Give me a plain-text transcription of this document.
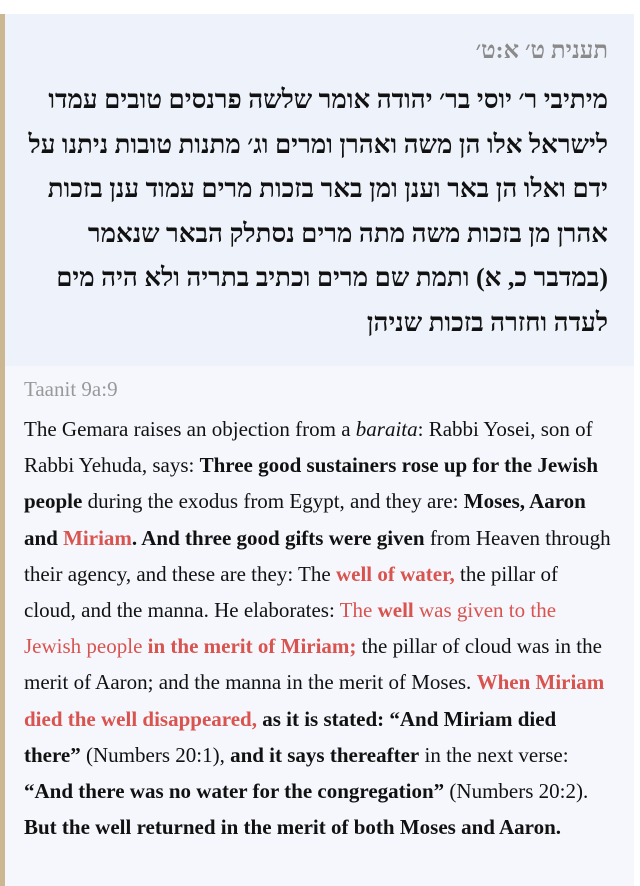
תענית ט׳ א:ט׳
מיתיבי ר׳ יוסי בר׳ יהודה אומר שלשה פרנסים טובים עמדו
לישראל אלו הן משה ואהרן ומרים וג׳ מתנות טובות ניתנו על
ידם ואלו הן באר וענן ומן באר בזכות מרים עמוד ענן בזכות
אהרן מן בזכות משה מתה מרים נסתלק הבאר שנאמר
(במדבר כ, א) ותמת שם מרים וכתיב בתריה ולא היה מים
לעדה וחזרה בזכות שניהן
Taanit 9a:9
The Gemara raises an objection from a baraita: Rabbi Yosei, son of Rabbi Yehuda, says: Three good sustainers rose up for the Jewish people during the exodus from Egypt, and they are: Moses, Aaron and Miriam. And three good gifts were given from Heaven through their agency, and these are they: The well of water, the pillar of cloud, and the manna. He elaborates: The well was given to the Jewish people in the merit of Miriam; the pillar of cloud was in the merit of Aaron; and the manna in the merit of Moses. When Miriam died the well disappeared, as it is stated: “And Miriam died there” (Numbers 20:1), and it says thereafter in the next verse: “And there was no water for the congregation” (Numbers 20:2). But the well returned in the merit of both Moses and Aaron.
